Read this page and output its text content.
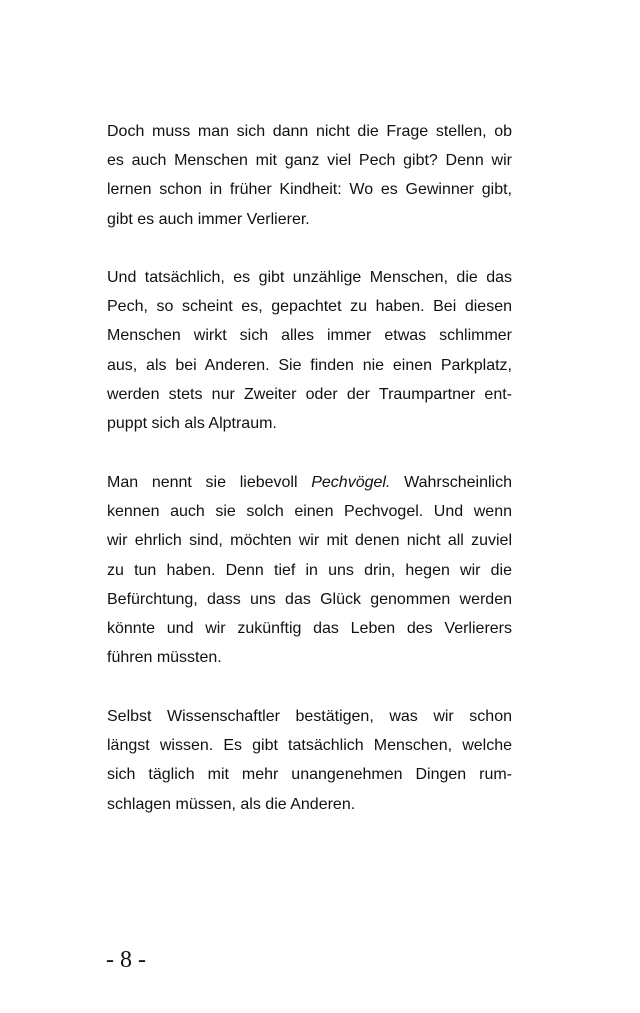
Doch muss man sich dann nicht die Frage stellen, ob
es auch Menschen mit ganz viel Pech gibt? Denn wir
lernen schon in früher Kindheit: Wo es Gewinner gibt,
gibt es auch immer Verlierer.
Und tatsächlich, es gibt unzählige Menschen, die das
Pech, so scheint es, gepachtet zu haben. Bei diesen
Menschen wirkt sich alles immer etwas schlimmer
aus, als bei Anderen. Sie finden nie einen Parkplatz,
werden stets nur Zweiter oder der Traumpartner ent-
puppt sich als Alptraum.
Man nennt sie liebevoll Pechvögel. Wahrscheinlich
kennen auch sie solch einen Pechvogel. Und wenn
wir ehrlich sind, möchten wir mit denen nicht all zuviel
zu tun haben. Denn tief in uns drin, hegen wir die
Befürchtung, dass uns das Glück genommen werden
könnte und wir zukünftig das Leben des Verlierers
führen müssten.
Selbst Wissenschaftler bestätigen, was wir schon
längst wissen. Es gibt tatsächlich Menschen, welche
sich täglich mit mehr unangenehmen Dingen rum-
schlagen müssen, als die Anderen.
- 8 -
